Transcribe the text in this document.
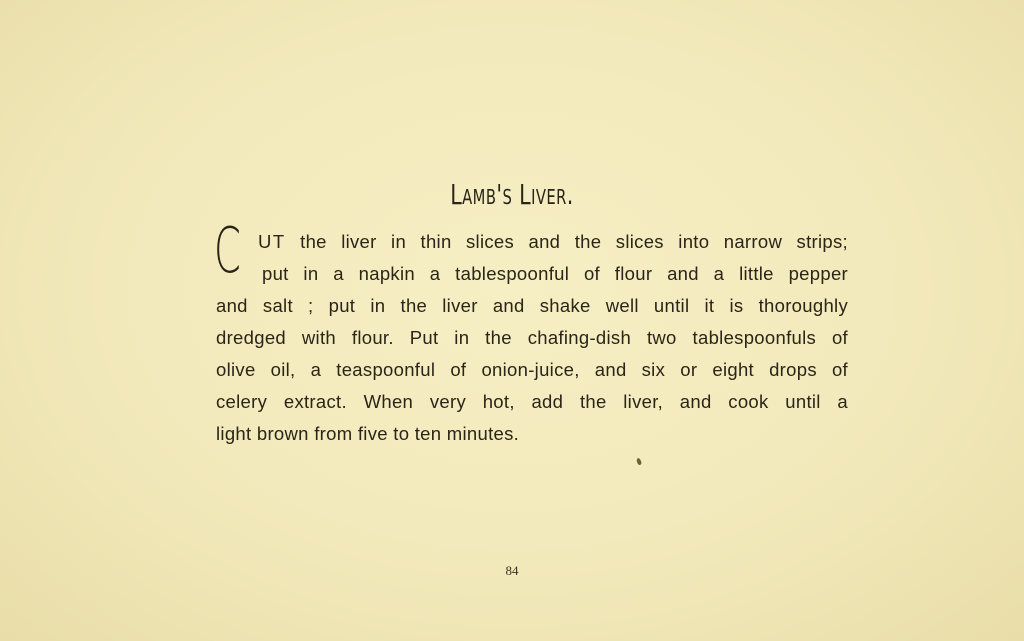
Lamb's Liver.
C UT the liver in thin slices and the slices into narrow strips;
put in a napkin a tablespoonful of flour and a little pepper
and salt ; put in the liver and shake well until it is thoroughly
dredged with flour. Put in the chafing-dish two tablespoonfuls of
olive oil, a teaspoonful of onion-juice, and six or eight drops of
celery extract. When very hot, add the liver, and cook until a
light brown from five to ten minutes.
84
